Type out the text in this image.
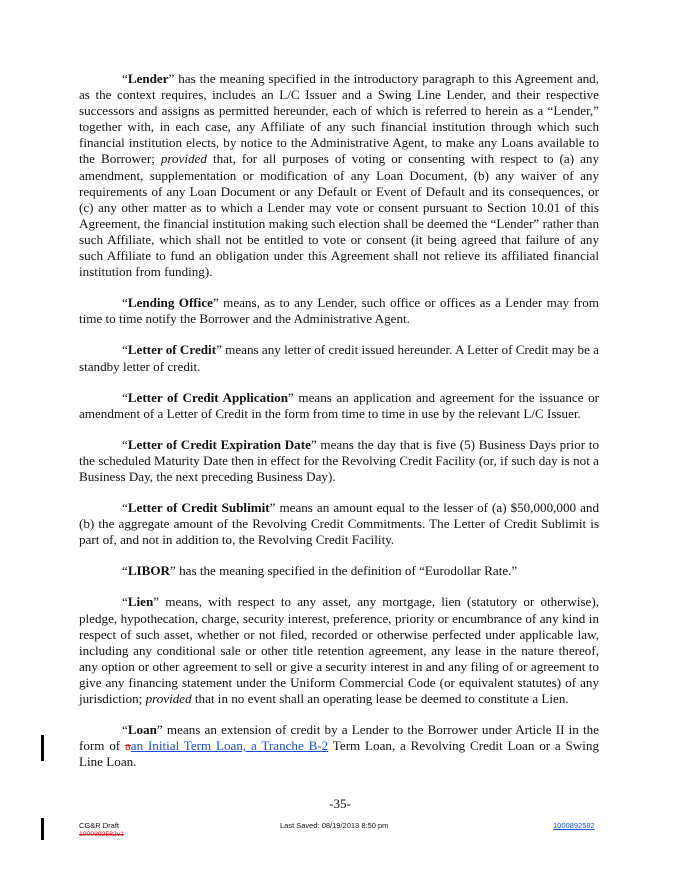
“Lender” has the meaning specified in the introductory paragraph to this Agreement and, as the context requires, includes an L/C Issuer and a Swing Line Lender, and their respective successors and assigns as permitted hereunder, each of which is referred to herein as a “Lender,” together with, in each case, any Affiliate of any such financial institution through which such financial institution elects, by notice to the Administrative Agent, to make any Loans available to the Borrower; provided that, for all purposes of voting or consenting with respect to (a) any amendment, supplementation or modification of any Loan Document, (b) any waiver of any requirements of any Loan Document or any Default or Event of Default and its consequences, or (c) any other matter as to which a Lender may vote or consent pursuant to Section 10.01 of this Agreement, the financial institution making such election shall be deemed the “Lender” rather than such Affiliate, which shall not be entitled to vote or consent (it being agreed that failure of any such Affiliate to fund an obligation under this Agreement shall not relieve its affiliated financial institution from funding).

“Lending Office” means, as to any Lender, such office or offices as a Lender may from time to time notify the Borrower and the Administrative Agent.

“Letter of Credit” means any letter of credit issued hereunder. A Letter of Credit may be a standby letter of credit.

“Letter of Credit Application” means an application and agreement for the issuance or amendment of a Letter of Credit in the form from time to time in use by the relevant L/C Issuer.

“Letter of Credit Expiration Date” means the day that is five (5) Business Days prior to the scheduled Maturity Date then in effect for the Revolving Credit Facility (or, if such day is not a Business Day, the next preceding Business Day).

“Letter of Credit Sublimit” means an amount equal to the lesser of (a) $50,000,000 and (b) the aggregate amount of the Revolving Credit Commitments. The Letter of Credit Sublimit is part of, and not in addition to, the Revolving Credit Facility.

“LIBOR” has the meaning specified in the definition of “Eurodollar Rate.”

“Lien” means, with respect to any asset, any mortgage, lien (statutory or otherwise), pledge, hypothecation, charge, security interest, preference, priority or encumbrance of any kind in respect of such asset, whether or not filed, recorded or otherwise perfected under applicable law, including any conditional sale or other title retention agreement, any lease in the nature thereof, any option or other agreement to sell or give a security interest in and any filing of or agreement to give any financing statement under the Uniform Commercial Code (or equivalent statutes) of any jurisdiction; provided that in no event shall an operating lease be deemed to constitute a Lien.

“Loan” means an extension of credit by a Lender to the Borrower under Article II in the form of aan Initial Term Loan, a Tranche B-2 Term Loan, a Revolving Credit Loan or a Swing Line Loan.

-35-
CG&R Draft
1000892582v1
Last Saved: 08/19/2013 8:50 pm	1000892582
